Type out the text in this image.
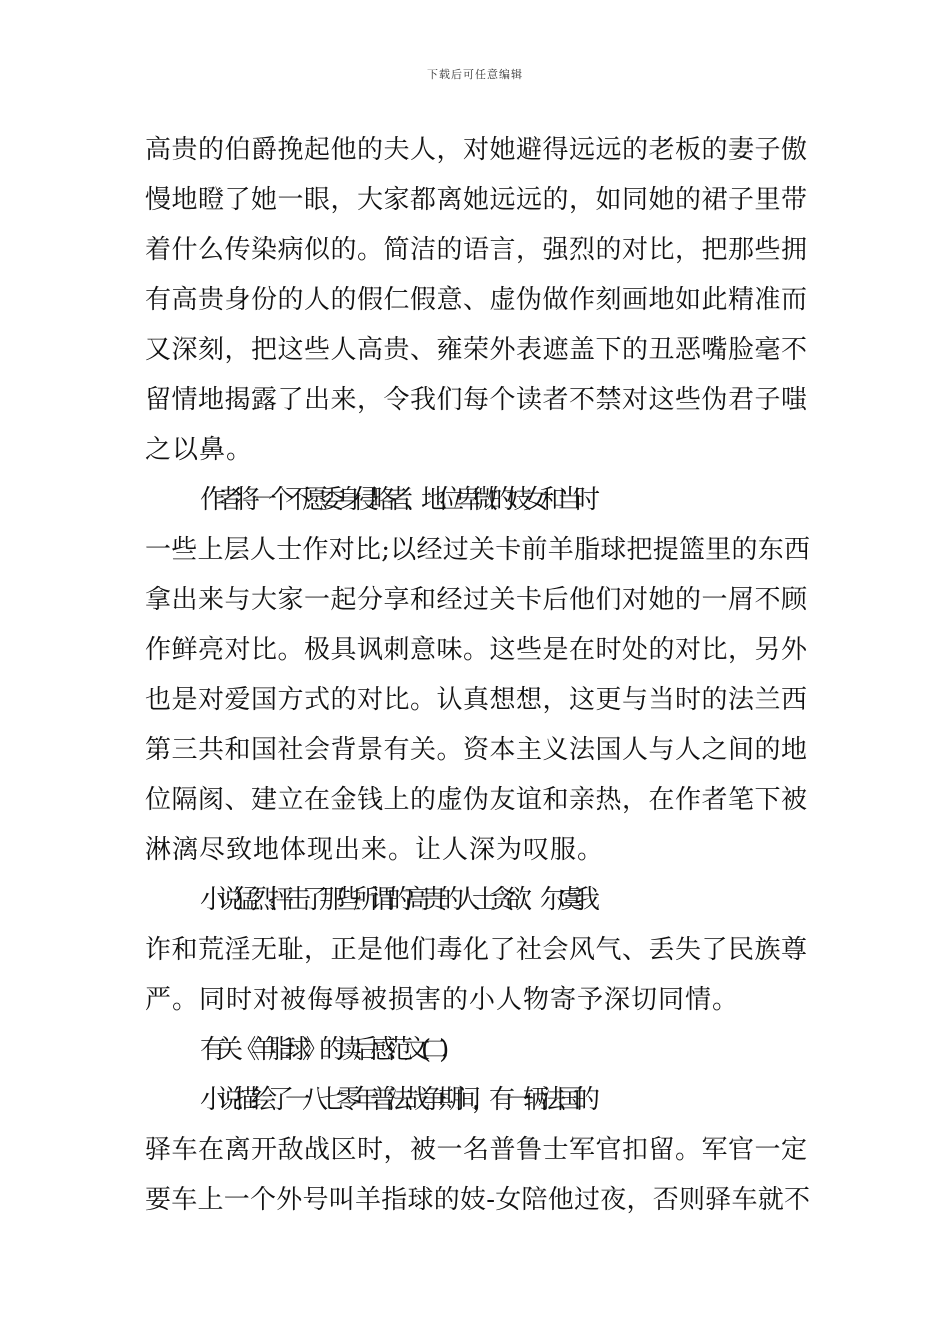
下载后可任意编辑
高贵的伯爵挽起他的夫人，对她避得远远的老板的妻子傲
慢地瞪了她一眼，大家都离她远远的，如同她的裙子里带
着什么传染病似的。简洁的语言，强烈的对比，把那些拥
有高贵身份的人的假仁假意、虚伪做作刻画地如此精准而
又深刻，把这些人高贵、雍荣外表遮盖下的丑恶嘴脸毫不
留情地揭露了出来，令我们每个读者不禁对这些伪君子嗤
之以鼻。
作者将一个不愿委身侵略者、地位卑微的妓女和当时
一些上层人士作对比;以经过关卡前羊脂球把提篮里的东西
拿出来与大家一起分享和经过关卡后他们对她的一屑不顾
作鲜亮对比。极具讽刺意味。这些是在时处的对比，另外
也是对爱国方式的对比。认真想想，这更与当时的法兰西
第三共和国社会背景有关。资本主义法国人与人之间的地
位隔阂、建立在金钱上的虚伪友谊和亲热，在作者笔下被
淋漓尽致地体现出来。让人深为叹服。
小说猛烈抨击了那些所谓的高贵的人士贪欲、尔虞我
诈和荒淫无耻，正是他们毒化了社会风气、丢失了民族尊
严。同时对被侮辱被损害的小人物寄予深切同情。
有关《羊脂球》的读后感范文(二)
小说描绘了一八七零年普法战争期间，有一辆法国的
驿车在离开敌战区时，被一名普鲁士军官扣留。军官一定
要车上一个外号叫羊指球的妓-女陪他过夜，否则驿车就不
